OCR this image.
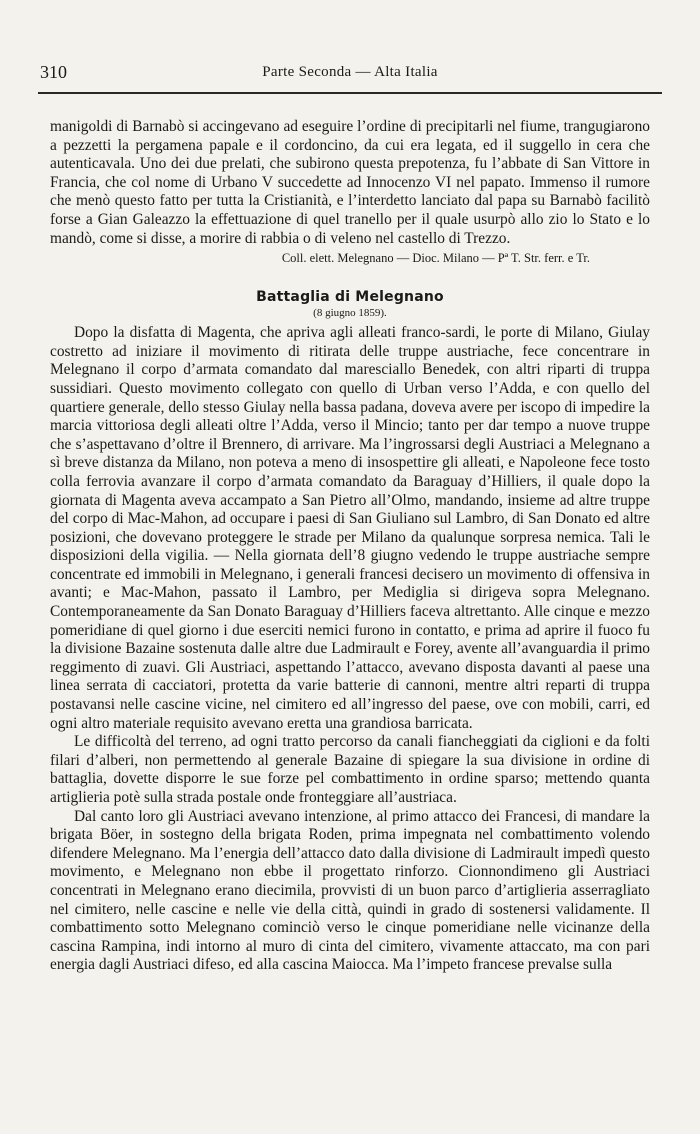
310	Parte Seconda — Alta Italia

manigoldi di Barnabò si accingevano ad eseguire l’ordine di precipitarli nel fiume, trangugiarono a pezzetti la pergamena papale e il cordoncino, da cui era legata, ed il suggello in cera che autenticavala. Uno dei due prelati, che subirono questa prepotenza, fu l’abbate di San Vittore in Francia, che col nome di Urbano V succedette ad Innocenzo VI nel papato. Immenso il rumore che menò questo fatto per tutta la Cristianità, e l’interdetto lanciato dal papa su Barnabò facilitò forse a Gian Galeazzo la effettuazione di quel tranello per il quale usurpò allo zio lo Stato e lo mandò, come si disse, a morire di rabbia o di veleno nel castello di Trezzo.

Coll. elett. Melegnano — Dioc. Milano — Pª T. Str. ferr. e Tr.

Battaglia di Melegnano

(8 giugno 1859).

Dopo la disfatta di Magenta, che apriva agli alleati franco-sardi, le porte di Milano, Giulay costretto ad iniziare il movimento di ritirata delle truppe austriache, fece concentrare in Melegnano il corpo d’armata comandato dal maresciallo Benedek, con altri riparti di truppa sussidiari. Questo movimento collegato con quello di Urban verso l’Adda, e con quello del quartiere generale, dello stesso Giulay nella bassa padana, doveva avere per iscopo di impedire la marcia vittoriosa degli alleati oltre l’Adda, verso il Mincio; tanto per dar tempo a nuove truppe che s’aspettavano d’oltre il Brennero, di arrivare. Ma l’ingrossarsi degli Austriaci a Melegnano a sì breve distanza da Milano, non poteva a meno di insospettire gli alleati, e Napoleone fece tosto colla ferrovia avanzare il corpo d’armata comandato da Baraguay d’Hilliers, il quale dopo la giornata di Magenta aveva accampato a San Pietro all’Olmo, mandando, insieme ad altre truppe del corpo di Mac-Mahon, ad occupare i paesi di San Giuliano sul Lambro, di San Donato ed altre posizioni, che dovevano proteggere le strade per Milano da qualunque sorpresa nemica. Tali le disposizioni della vigilia. — Nella giornata dell’8 giugno vedendo le truppe austriache sempre concentrate ed immobili in Melegnano, i generali francesi decisero un movimento di offensiva in avanti; e Mac-Mahon, passato il Lambro, per Mediglia si dirigeva sopra Melegnano. Contemporaneamente da San Donato Baraguay d’Hilliers faceva altrettanto. Alle cinque e mezzo pomeridiane di quel giorno i due eserciti nemici furono in contatto, e prima ad aprire il fuoco fu la divisione Bazaine sostenuta dalle altre due Ladmirault e Forey, avente all’avanguardia il primo reggimento di zuavi. Gli Austriaci, aspettando l’attacco, avevano disposta davanti al paese una linea serrata di cacciatori, protetta da varie batterie di cannoni, mentre altri reparti di truppa postavansi nelle cascine vicine, nel cimitero ed all’ingresso del paese, ove con mobili, carri, ed ogni altro materiale requisito avevano eretta una grandiosa barricata.

Le difficoltà del terreno, ad ogni tratto percorso da canali fiancheggiati da ciglioni e da folti filari d’alberi, non permettendo al generale Bazaine di spiegare la sua divisione in ordine di battaglia, dovette disporre le sue forze pel combattimento in ordine sparso; mettendo quanta artiglieria potè sulla strada postale onde fronteggiare all’austriaca.

Dal canto loro gli Austriaci avevano intenzione, al primo attacco dei Francesi, di mandare la brigata Böer, in sostegno della brigata Roden, prima impegnata nel combattimento volendo difendere Melegnano. Ma l’energia dell’attacco dato dalla divisione di Ladmirault impedì questo movimento, e Melegnano non ebbe il progettato rinforzo. Cionnondimeno gli Austriaci concentrati in Melegnano erano diecimila, provvisti di un buon parco d’artiglieria asserragliato nel cimitero, nelle cascine e nelle vie della città, quindi in grado di sostenersi validamente. Il combattimento sotto Melegnano cominciò verso le cinque pomeridiane nelle vicinanze della cascina Rampina, indi intorno al muro di cinta del cimitero, vivamente attaccato, ma con pari energia dagli Austriaci difeso, ed alla cascina Maiocca. Ma l’impeto francese prevalse sulla
